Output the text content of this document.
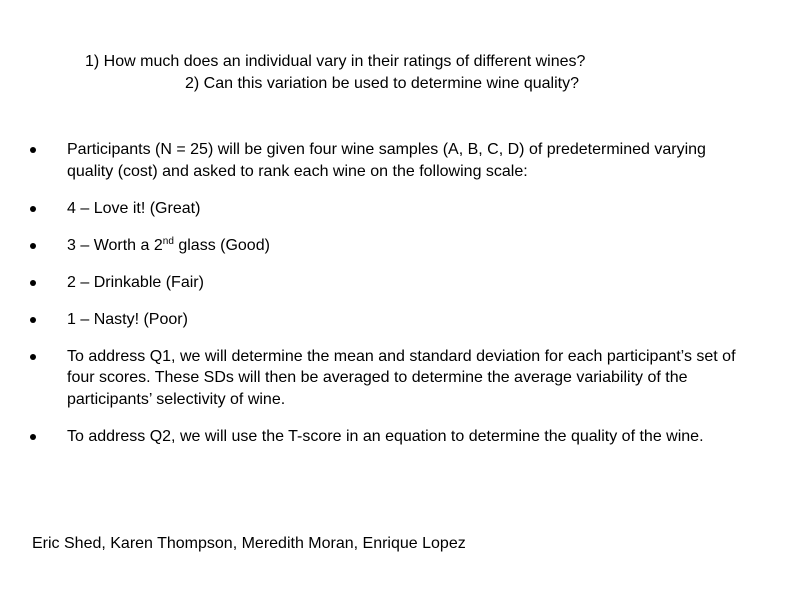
1) How much does an individual vary in their ratings of different wines?
2) Can this variation be used to determine wine quality?
Participants (N = 25) will be given four wine samples (A, B, C, D) of predetermined varying quality (cost) and asked to rank each wine on the following scale:
4 – Love it! (Great)
3 – Worth a 2nd glass (Good)
2 – Drinkable (Fair)
1 – Nasty! (Poor)
To address Q1, we will determine the mean and standard deviation for each participant’s set of four scores. These SDs will then be averaged to determine the average variability of the participants’ selectivity of wine.
To address Q2, we will use the T-score in an equation to determine the quality of the wine.
Eric Shed, Karen Thompson, Meredith Moran, Enrique Lopez
